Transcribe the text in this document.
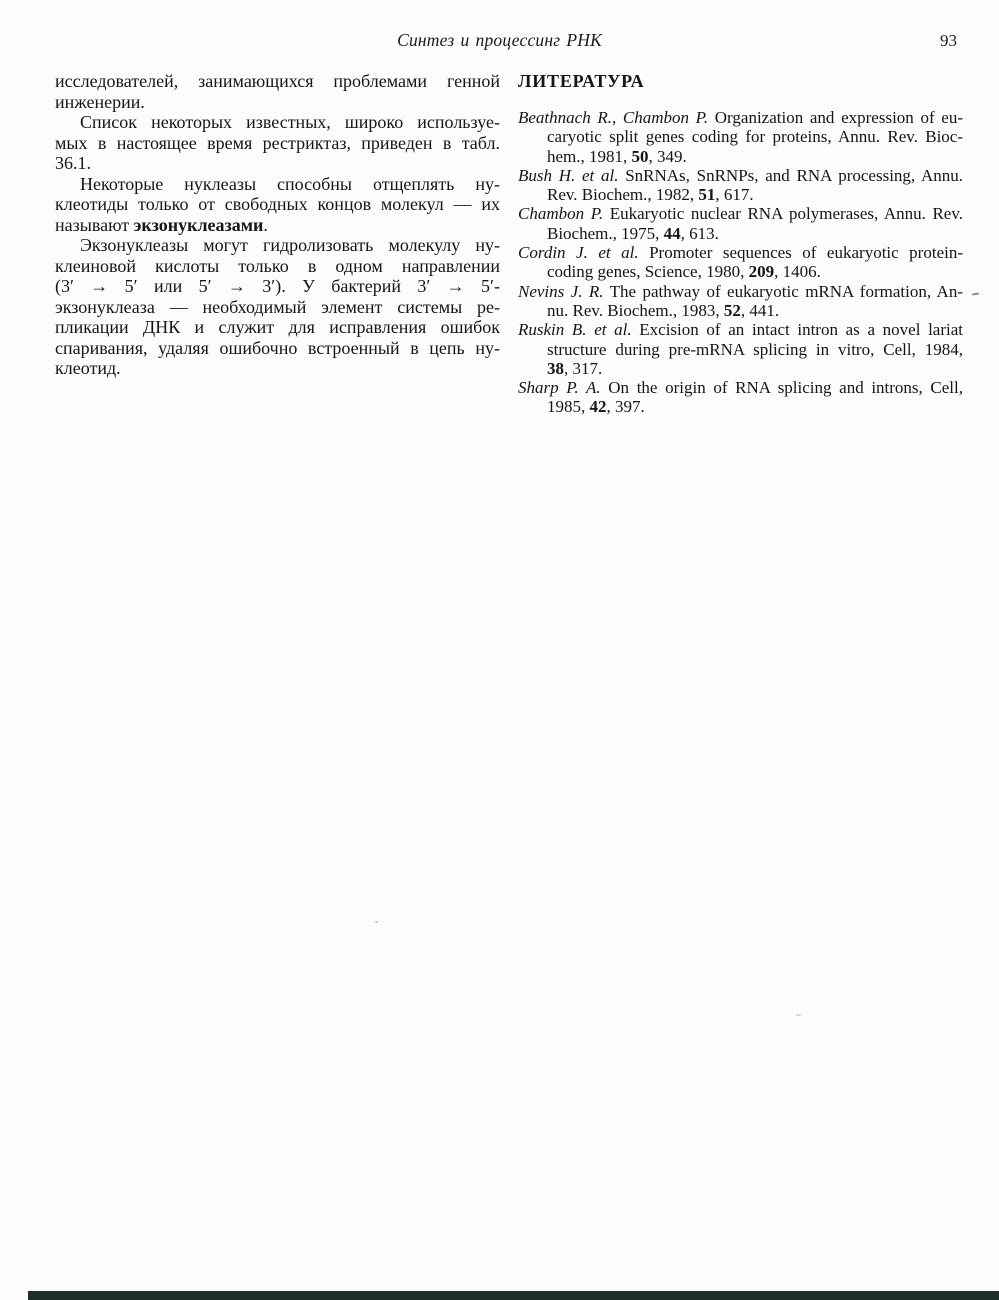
Синтез и процессинг РНК	93
исследователей, занимающихся проблемами генной
инженерии.
Список некоторых известных, широко используе-
мых в настоящее время рестриктаз, приведен в табл.
36.1.
Некоторые нуклеазы способны отщеплять ну-
клеотиды только от свободных концов молекул — их
называют экзонуклеазами.
Экзонуклеазы могут гидролизовать молекулу ну-
клеиновой кислоты только в одном направлении
(3′ → 5′ или 5′ → 3′). У бактерий 3′ → 5′-
экзонуклеаза — необходимый элемент системы ре-
пликации ДНК и служит для исправления ошибок
спаривания, удаляя ошибочно встроенный в цепь ну-
клеотид.
ЛИТЕРАТУРА
Beathnach R., Chambon P. Organization and expression of eu-
caryotic split genes coding for proteins, Annu. Rev. Bioc-
hem., 1981, 50, 349.
Bush H. et al. SnRNAs, SnRNPs, and RNA processing, Annu.
Rev. Biochem., 1982, 51, 617.
Chambon P. Eukaryotic nuclear RNA polymerases, Annu. Rev.
Biochem., 1975, 44, 613.
Cordin J. et al. Promoter sequences of eukaryotic protein-
coding genes, Science, 1980, 209, 1406.
Nevins J. R. The pathway of eukaryotic mRNA formation, An-
nu. Rev. Biochem., 1983, 52, 441.
Ruskin B. et al. Excision of an intact intron as a novel lariat
structure during pre-mRNA splicing in vitro, Cell, 1984,
38, 317.
Sharp P. A. On the origin of RNA splicing and introns, Cell,
1985, 42, 397.
